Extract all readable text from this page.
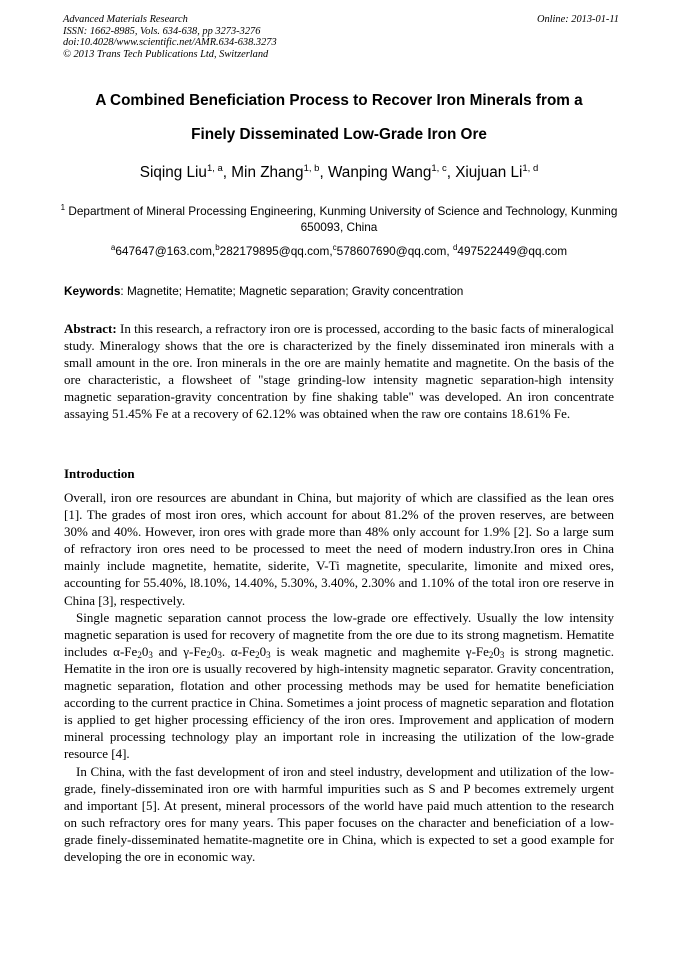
Advanced Materials Research
ISSN: 1662-8985, Vols. 634-638, pp 3273-3276
doi:10.4028/www.scientific.net/AMR.634-638.3273
© 2013 Trans Tech Publications Ltd, Switzerland
Online: 2013-01-11
A Combined Beneficiation Process to Recover Iron Minerals from a
Finely Disseminated Low-Grade Iron Ore
Siqing Liu$^{1, a}$, Min Zhang$^{1, b}$, Wanping Wang$^{1, c}$, Xiujuan Li$^{1, d}$
$^1$ Department of Mineral Processing Engineering, Kunming University of Science and Technology, Kunming 650093, China
$^a$647647@163.com,$^b$282179895@qq.com,$^c$578607690@qq.com, $^d$497522449@qq.com
Keywords: Magnetite; Hematite; Magnetic separation; Gravity concentration
Abstract: In this research, a refractory iron ore is processed, according to the basic facts of mineralogical study. Mineralogy shows that the ore is characterized by the finely disseminated iron minerals with a small amount in the ore. Iron minerals in the ore are mainly hematite and magnetite. On the basis of the ore characteristic, a flowsheet of "stage grinding-low intensity magnetic separation-high intensity magnetic separation-gravity concentration by fine shaking table" was developed. An iron concentrate assaying 51.45% Fe at a recovery of 62.12% was obtained when the raw ore contains 18.61% Fe.
Introduction

Overall, iron ore resources are abundant in China, but majority of which are classified as the lean ores [1]. The grades of most iron ores, which account for about 81.2% of the proven reserves, are between 30% and 40%. However, iron ores with grade more than 48% only account for 1.9% [2]. So a large sum of refractory iron ores need to be processed to meet the need of modern industry.Iron ores in China mainly include magnetite, hematite, siderite, V-Ti magnetite, specularite, limonite and mixed ores, accounting for 55.40%, l8.10%, 14.40%, 5.30%, 3.40%, 2.30% and 1.10% of the total iron ore reserve in China [3], respectively.

Single magnetic separation cannot process the low-grade ore effectively. Usually the low intensity magnetic separation is used for recovery of magnetite from the ore due to its strong magnetism. Hematite includes $\alpha-Fe_20_3$ and $\gamma-Fe_20_3$. $\alpha-Fe_20_3$ is weak magnetic and maghemite $\gamma-Fe_20_3$ is strong magnetic. Hematite in the iron ore is usually recovered by high-intensity magnetic separator. Gravity concentration, magnetic separation, flotation and other processing methods may be used for hematite beneficiation according to the current practice in China. Sometimes a joint process of magnetic separation and flotation is applied to get higher processing efficiency of the iron ores. Improvement and application of modern mineral processing technology play an important role in increasing the utilization of the low-grade resource [4].

In China, with the fast development of iron and steel industry, development and utilization of the low-grade, finely-disseminated iron ore with harmful impurities such as S and P becomes extremely urgent and important [5]. At present, mineral processors of the world have paid much attention to the research on such refractory ores for many years. This paper focuses on the character and beneficiation of a low-grade finely-disseminated hematite-magnetite ore in China, which is expected to set a good example for developing the ore in economic way.
